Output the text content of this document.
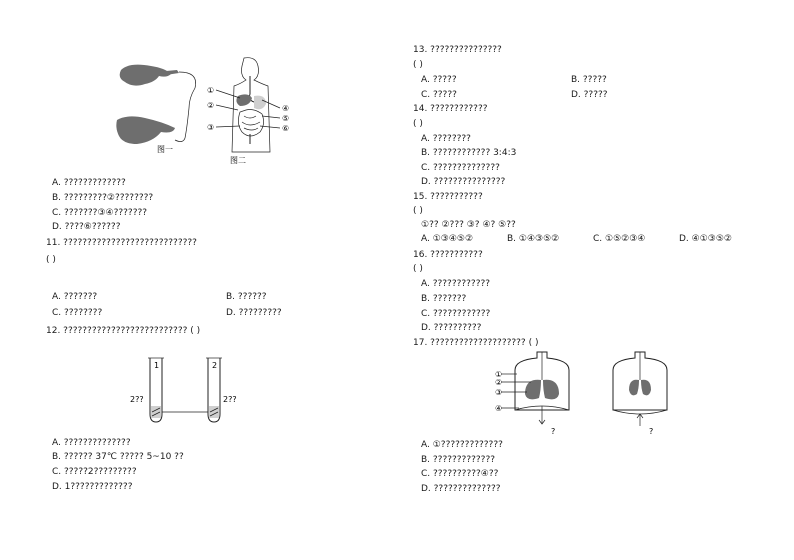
图一
①
②
③
④
⑤
⑥
图二
A. ?????????????
B. ?????????②????????
C. ???????③④???????
D. ????⑥??????
11. ????????????????????????????
( )
A. ???????	B. ??????
C. ????????	D. ?????????
12. ?????????????????????????? ( )
1	2
2??	2??
A. ??????????????
B. ?????? 37℃ ????? 5~10 ??
C. ?????2?????????
D. 1?????????????
13. ???????????????
( )
A. ?????	B. ?????
C. ?????	D. ?????
14. ????????????
( )
A. ????????
B. ???????????? 3:4:3
C. ??????????????
D. ???????????????
15. ???????????
( )
①?? ②??? ③? ④? ⑤??
A. ①③④⑤②	B. ①④③⑤②	C. ①⑤②③④	D. ④①③⑤②
16. ???????????
( )
A. ????????????
B. ???????
C. ????????????
D. ??????????
17. ???????????????????? ( )
①
②
③
④
?	?
A. ①?????????????
B. ?????????????
C. ??????????④??
D. ??????????????
